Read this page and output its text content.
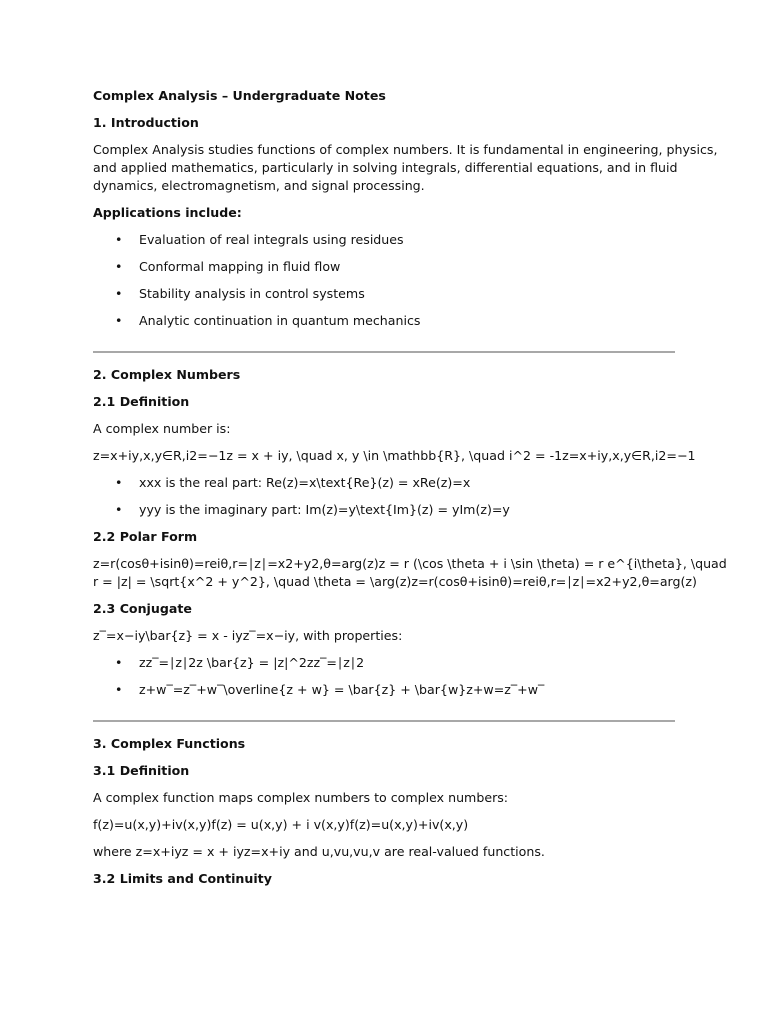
Complex Analysis – Undergraduate Notes

1. Introduction

Complex Analysis studies functions of complex numbers. It is fundamental in engineering, physics,
and applied mathematics, particularly in solving integrals, differential equations, and in fluid
dynamics, electromagnetism, and signal processing.

Applications include:

• Evaluation of real integrals using residues
• Conformal mapping in fluid flow
• Stability analysis in control systems
• Analytic continuation in quantum mechanics

2. Complex Numbers

2.1 Definition

A complex number is:

z=x+iy,x,y∈R,i2=−1z = x + iy, \quad x, y \in \mathbb{R}, \quad i^2 = -1z=x+iy,x,y∈R,i2=−1

• xxx is the real part: Re(z)=x\text{Re}(z) = xRe(z)=x
• yyy is the imaginary part: Im(z)=y\text{Im}(z) = yIm(z)=y

2.2 Polar Form

z=r(cos⁡θ+isin⁡θ)=reiθ,r=∣z∣=x2+y2,θ=arg⁡(z)z = r (\cos \theta + i \sin \theta) = r e^{i\theta}, \quad
r = |z| = \sqrt{x^2 + y^2}, \quad \theta = \arg(z)z=r(cosθ+isinθ)=reiθ,r=∣z∣=x2+y2,θ=arg(z)

2.3 Conjugate

z‾=x−iy\bar{z} = x - iyz‾=x−iy, with properties:

• zz‾=∣z∣2z \bar{z} = |z|^2zz‾=∣z∣2
• z+w‾=z‾+w‾\overline{z + w} = \bar{z} + \bar{w}z+w=z‾+w‾

3. Complex Functions

3.1 Definition

A complex function maps complex numbers to complex numbers:

f(z)=u(x,y)+iv(x,y)f(z) = u(x,y) + i v(x,y)f(z)=u(x,y)+iv(x,y)

where z=x+iyz = x + iyz=x+iy and u,vu,vu,v are real-valued functions.

3.2 Limits and Continuity
